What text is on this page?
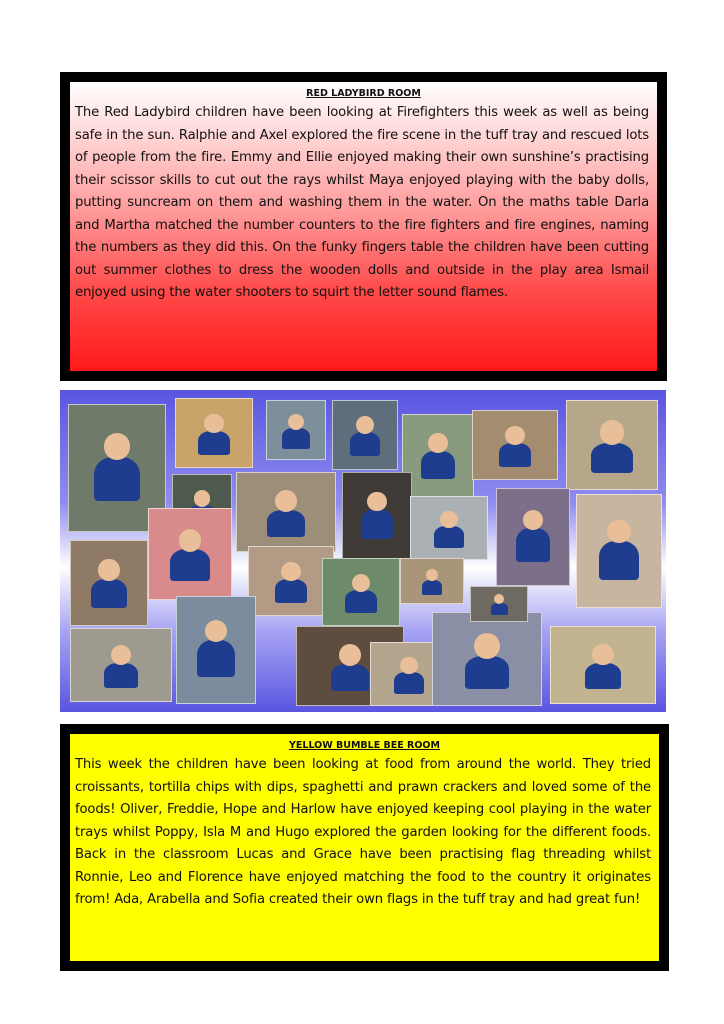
RED LADYBIRD ROOM
The Red Ladybird children have been looking at Firefighters this week as well as being safe in the sun. Ralphie and Axel explored the fire scene in the tuff tray and rescued lots of people from the fire. Emmy and Ellie enjoyed making their own sunshine’s practising their scissor skills to cut out the rays whilst Maya enjoyed playing with the baby dolls, putting suncream on them and washing them in the water. On the maths table Darla and Martha matched the number counters to the fire fighters and fire engines, naming the numbers as they did this. On the funky fingers table the children have been cutting out summer clothes to dress the wooden dolls and outside in the play area Ismail enjoyed using the water shooters to squirt the letter sound flames.
YELLOW BUMBLE BEE ROOM
This week the children have been looking at food from around the world. They tried croissants, tortilla chips with dips, spaghetti and prawn crackers and loved some of the foods! Oliver, Freddie, Hope and Harlow have enjoyed keeping cool playing in the water trays whilst Poppy, Isla M and Hugo explored the garden looking for the different foods. Back in the classroom Lucas and Grace have been practising flag threading whilst Ronnie, Leo and Florence have enjoyed matching the food to the country it originates from! Ada, Arabella and Sofia created their own flags in the tuff tray and had great fun!
